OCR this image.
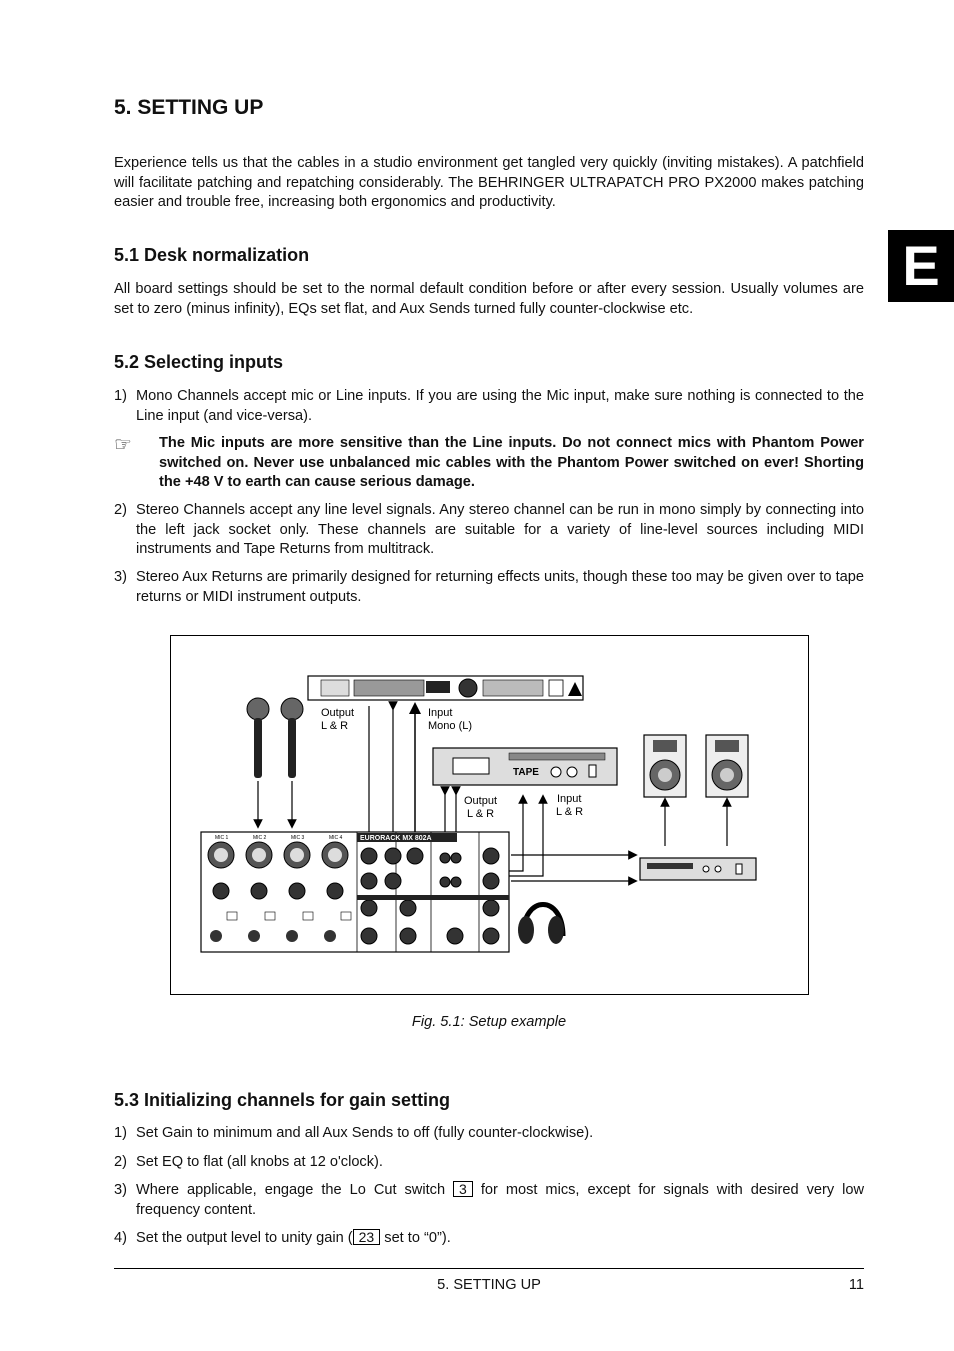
E
5. SETTING UP

Experience tells us that the cables in a studio environment get tangled very quickly (inviting mistakes). A patchfield will facilitate patching and repatching considerably. The BEHRINGER ULTRAPATCH PRO PX2000 makes patching easier and trouble free, increasing both ergonomics and productivity.

5.1 Desk normalization

All board settings should be set to the normal default condition before or after every session. Usually volumes are set to zero (minus infinity), EQs set flat, and Aux Sends turned fully counter-clockwise etc.

5.2 Selecting inputs
1) Mono Channels accept mic or Line inputs. If you are using the Mic input, make sure nothing is connected to the Line input (and vice-versa).
☞ The Mic inputs are more sensitive than the Line inputs. Do not connect mics with Phantom Power switched on. Never use unbalanced mic cables with the Phantom Power switched on ever! Shorting the +48 V to earth can cause serious damage.
2) Stereo Channels accept any line level signals. Any stereo channel can be run in mono simply by connecting into the left jack socket only. These channels are suitable for a variety of line-level sources including MIDI instruments and Tape Returns from multitrack.
3) Stereo Aux Returns are primarily designed for returning effects units, though these too may be given over to tape returns or MIDI instrument outputs.
Output
L & R
Input
Mono (L)
TAPE
Output
L & R
Input
L & R
EURORACK MX 802A
MIC 1	MIC 2	MIC 3	MIC 4
Fig. 5.1: Setup example
5.3 Initializing channels for gain setting
1) Set Gain to minimum and all Aux Sends to off (fully counter-clockwise).
2) Set EQ to flat (all knobs at 12 o'clock).
3) Where applicable, engage the Lo Cut switch 3 for most mics, except for signals with desired very low frequency content.
4) Set the output level to unity gain ( 23 set to “0”).
5. SETTING UP	11
